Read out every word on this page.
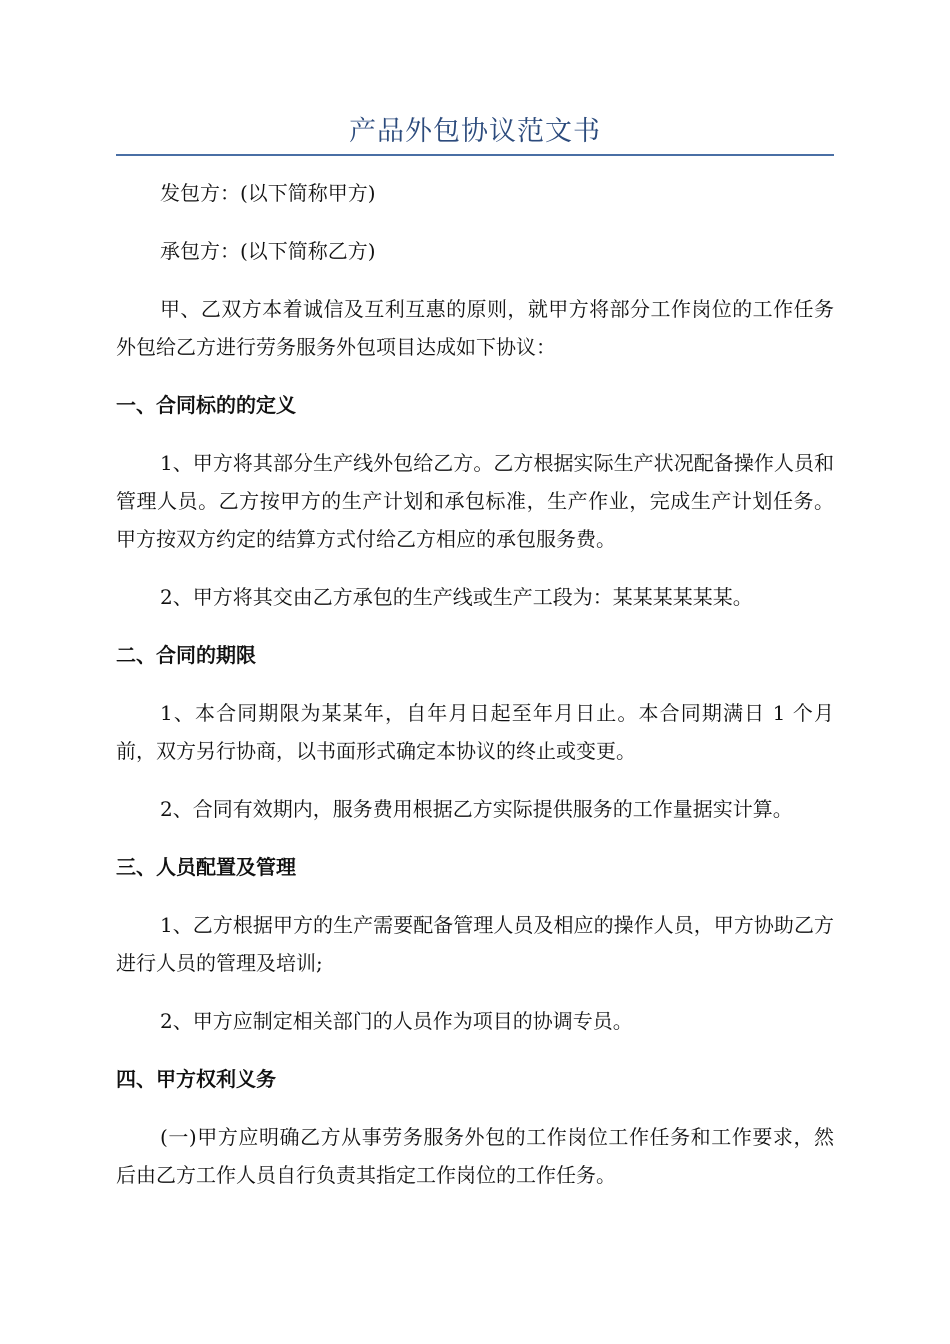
产品外包协议范文书

发包方：(以下简称甲方)

承包方：(以下简称乙方)

甲、乙双方本着诚信及互利互惠的原则，就甲方将部分工作岗位的工作任务外包给乙方进行劳务服务外包项目达成如下协议：

一、合同标的的定义

1、甲方将其部分生产线外包给乙方。乙方根据实际生产状况配备操作人员和管理人员。乙方按甲方的生产计划和承包标准，生产作业，完成生产计划任务。甲方按双方约定的结算方式付给乙方相应的承包服务费。

2、甲方将其交由乙方承包的生产线或生产工段为：某某某某某某。

二、合同的期限

1、本合同期限为某某年，自年月日起至年月日止。本合同期满日 1 个月前，双方另行协商，以书面形式确定本协议的终止或变更。

2、合同有效期内，服务费用根据乙方实际提供服务的工作量据实计算。

三、人员配置及管理

1、乙方根据甲方的生产需要配备管理人员及相应的操作人员，甲方协助乙方进行人员的管理及培训;

2、甲方应制定相关部门的人员作为项目的协调专员。

四、甲方权利义务

(一)甲方应明确乙方从事劳务服务外包的工作岗位工作任务和工作要求，然后由乙方工作人员自行负责其指定工作岗位的工作任务。
